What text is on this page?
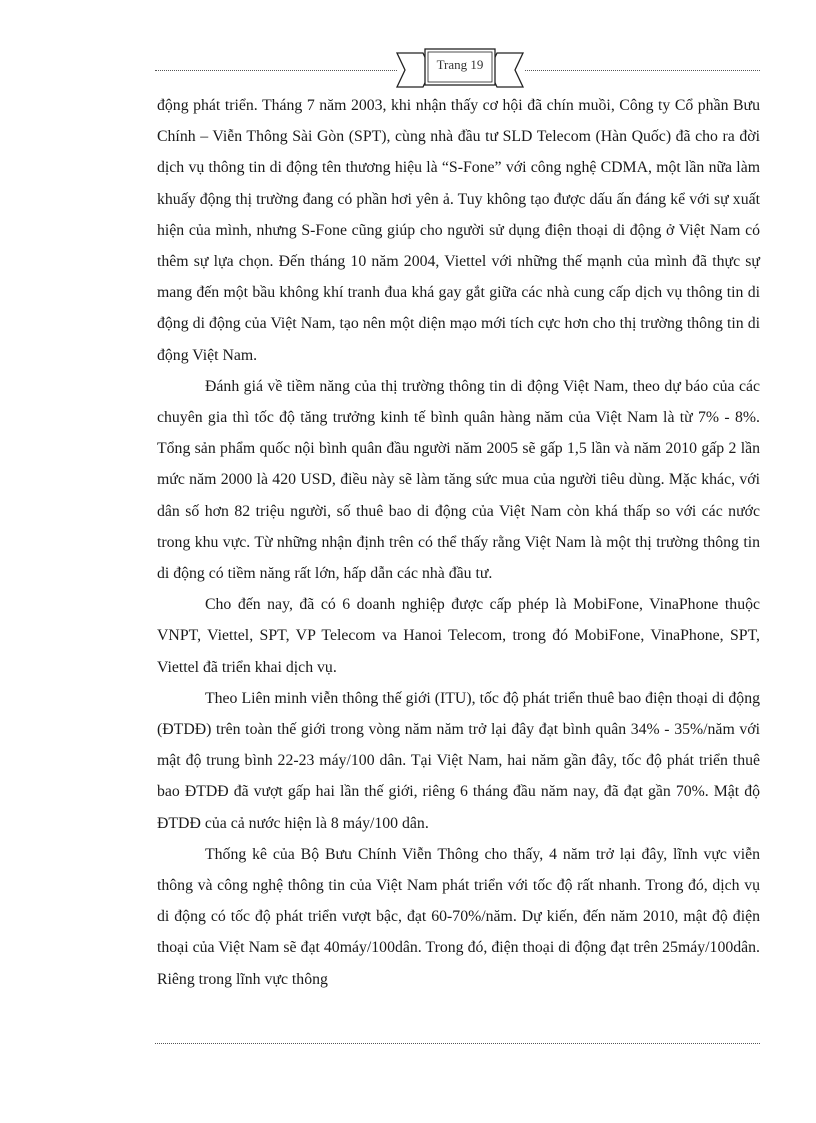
Trang 19

động phát triển. Tháng 7 năm 2003, khi nhận thấy cơ hội đã chín muồi, Công ty Cổ phần Bưu Chính – Viễn Thông Sài Gòn (SPT), cùng nhà đầu tư SLD Telecom (Hàn Quốc) đã cho ra đời dịch vụ thông tin di động tên thương hiệu là “S-Fone” với công nghệ CDMA, một lần nữa làm khuấy động thị trường đang có phần hơi yên ả. Tuy không tạo được dấu ấn đáng kể với sự xuất hiện của mình, nhưng S-Fone cũng giúp cho người sử dụng điện thoại di động ở Việt Nam có thêm sự lựa chọn. Đến tháng 10 năm 2004, Viettel với những thế mạnh của mình đã thực sự mang đến một bầu không khí tranh đua khá gay gắt giữa các nhà cung cấp dịch vụ thông tin di động di động của Việt Nam, tạo nên một diện mạo mới tích cực hơn cho thị trường thông tin di động Việt Nam.

Đánh giá về tiềm năng của thị trường thông tin di động Việt Nam, theo dự báo của các chuyên gia thì tốc độ tăng trưởng kinh tế bình quân hàng năm của Việt Nam là từ 7% - 8%. Tổng sản phẩm quốc nội bình quân đầu người năm 2005 sẽ gấp 1,5 lần và năm 2010 gấp 2 lần mức năm 2000 là 420 USD, điều này sẽ làm tăng sức mua của người tiêu dùng. Mặc khác, với dân số hơn 82 triệu người, số thuê bao di động của Việt Nam còn khá thấp so với các nước trong khu vực. Từ những nhận định trên có thể thấy rằng Việt Nam là một thị trường thông tin di động có tiềm năng rất lớn, hấp dẫn các nhà đầu tư.

Cho đến nay, đã có 6 doanh nghiệp được cấp phép là MobiFone, VinaPhone thuộc VNPT, Viettel, SPT, VP Telecom va Hanoi Telecom, trong đó MobiFone, VinaPhone, SPT, Viettel đã triển khai dịch vụ.

Theo Liên minh viễn thông thế giới (ITU), tốc độ phát triển thuê bao điện thoại di động (ĐTDĐ) trên toàn thế giới trong vòng năm năm trở lại đây đạt bình quân 34% - 35%/năm với mật độ trung bình 22-23 máy/100 dân. Tại Việt Nam, hai năm gần đây, tốc độ phát triển thuê bao ĐTDĐ đã vượt gấp hai lần thế giới, riêng 6 tháng đầu năm nay, đã đạt gần 70%. Mật độ ĐTDĐ của cả nước hiện là 8 máy/100 dân.

Thống kê của Bộ Bưu Chính Viễn Thông cho thấy, 4 năm trở lại đây, lĩnh vực viễn thông và công nghệ thông tin của Việt Nam phát triển với tốc độ rất nhanh. Trong đó, dịch vụ di động có tốc độ phát triển vượt bậc, đạt 60-70%/năm. Dự kiến, đến năm 2010, mật độ điện thoại của Việt Nam sẽ đạt 40máy/100dân. Trong đó, điện thoại di động đạt trên 25máy/100dân. Riêng trong lĩnh vực thông
